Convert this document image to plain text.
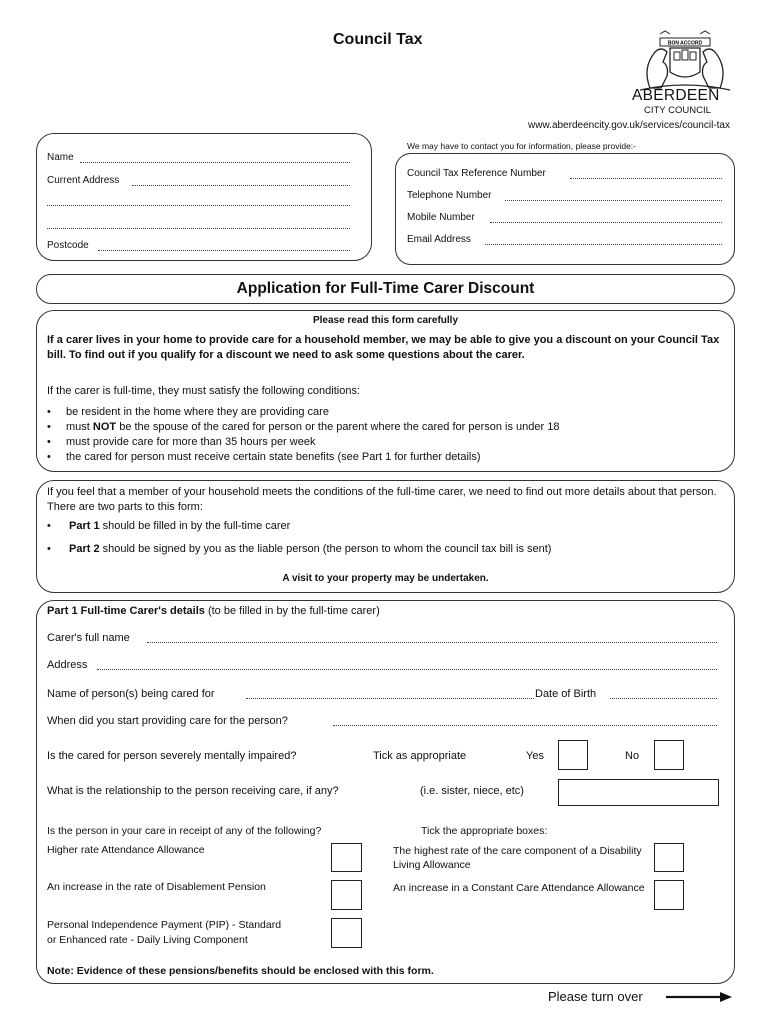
Council Tax	BON ACCORD
ABERDEEN
CITY COUNCIL
www.aberdeencity.gov.uk/services/council-tax
Name
Current Address
Postcode
We may have to contact you for information, please provide:-
Council Tax Reference Number
Telephone Number
Mobile Number
Email Address
Application for Full-Time Carer Discount
Please read this form carefully
If a carer lives in your home to provide care for a household member, we may be able to give you a discount on your Council Tax bill. To find out if you qualify for a discount we need to ask some questions about the carer.
If the carer is full-time, they must satisfy the following conditions:
• be resident in the home where they are providing care
• must NOT be the spouse of the cared for person or the parent where the cared for person is under 18
• must provide care for more than 35 hours per week
• the cared for person must receive certain state benefits (see Part 1 for further details)
If you feel that a member of your household meets the conditions of the full-time carer, we need to find out more details about that person. There are two parts to this form:
• Part 1 should be filled in by the full-time carer
• Part 2 should be signed by you as the liable person (the person to whom the council tax bill is sent)
A visit to your property may be undertaken.
Part 1 Full-time Carer's details (to be filled in by the full-time carer)
Carer's full name
Address
Name of person(s) being cared for	Date of Birth
When did you start providing care for the person?
Is the cared for person severely mentally impaired?	Tick as appropriate	Yes	No
What is the relationship to the person receiving care, if any?	(i.e. sister, niece, etc)
Is the person in your care in receipt of any of the following?	Tick the appropriate boxes:
Higher rate Attendance Allowance	The highest rate of the care component of a Disability Living Allowance
An increase in the rate of Disablement Pension	An increase in a Constant Care Attendance Allowance
Personal Independence Payment (PIP) - Standard or Enhanced rate - Daily Living Component
Note: Evidence of these pensions/benefits should be enclosed with this form.
Please turn over
